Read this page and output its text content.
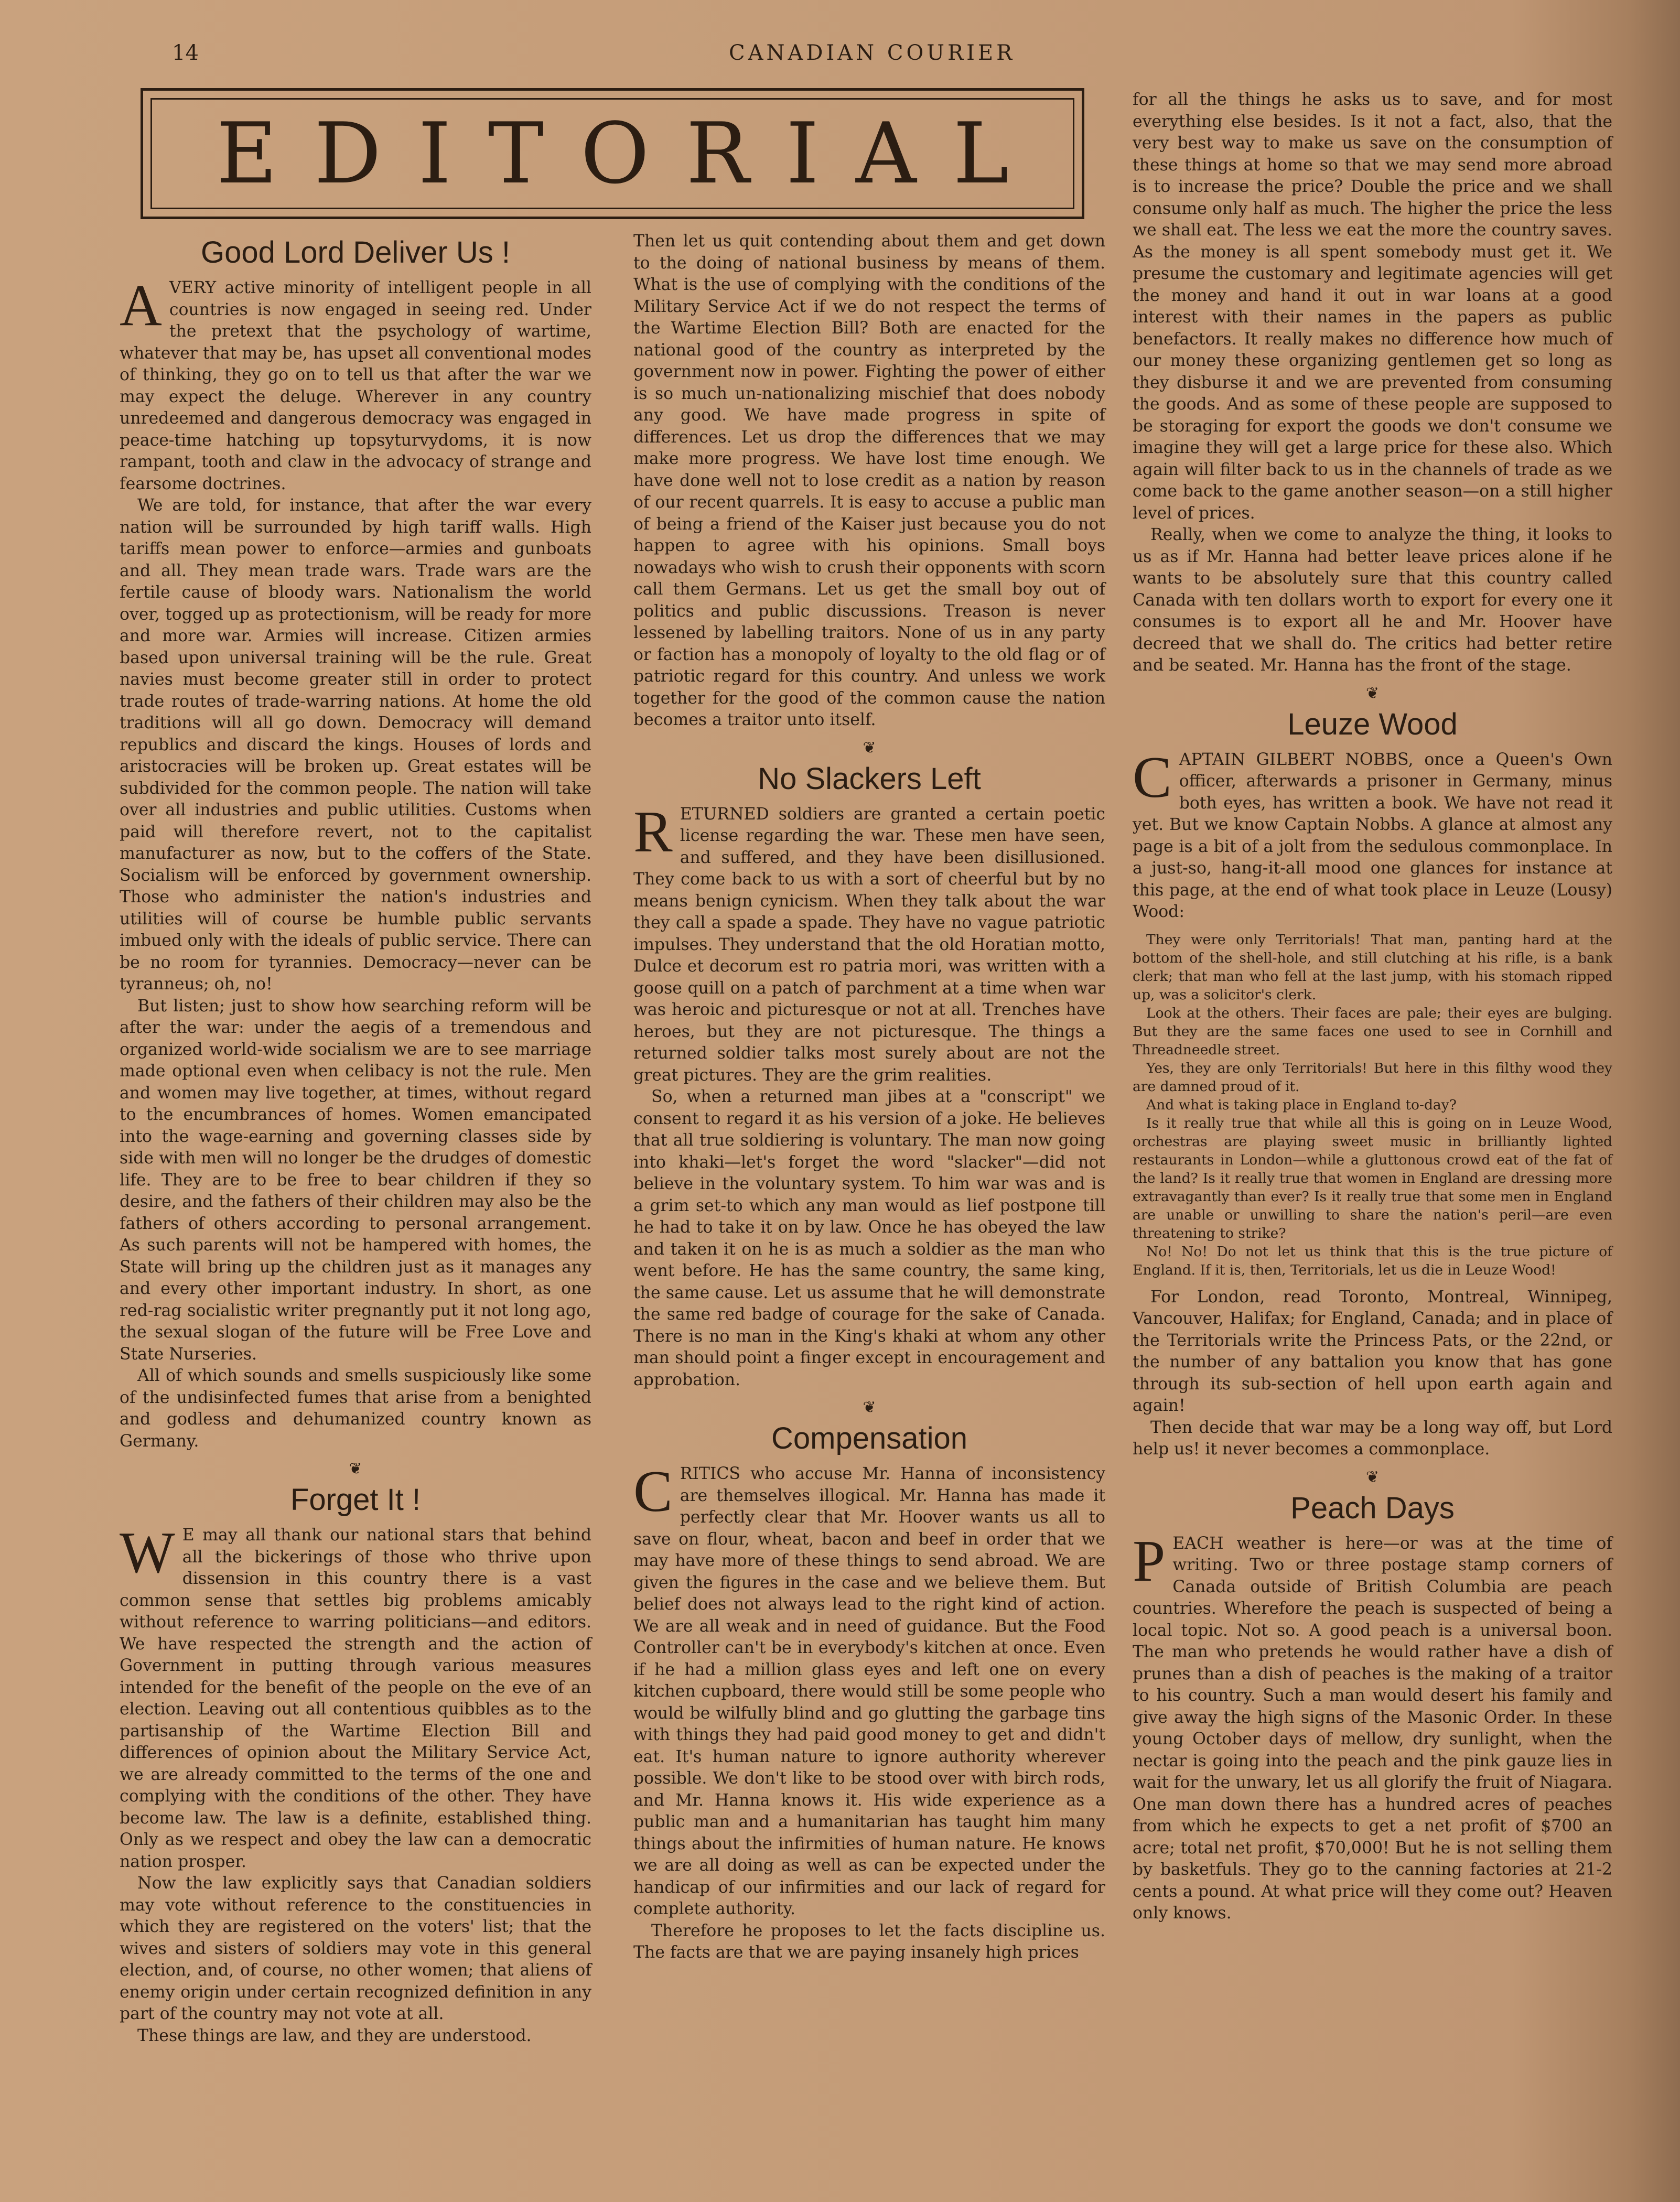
14	CANADIAN COURIER
EDITORIAL
Good Lord Deliver Us !

AVERY active minority of intelligent people in all countries is now engaged in seeing red. Under the pretext that the psychology of wartime, whatever that may be, has upset all conventional modes of thinking, they go on to tell us that after the war we may expect the deluge. Wherever in any country unredeemed and dangerous democracy was engaged in peace-time hatching up topsyturvydoms, it is now rampant, tooth and claw in the advocacy of strange and fearsome doctrines.

We are told, for instance, that after the war every nation will be surrounded by high tariff walls. High tariffs mean power to enforce—armies and gunboats and all. They mean trade wars. Trade wars are the fertile cause of bloody wars. Nationalism the world over, togged up as protectionism, will be ready for more and more war. Armies will increase. Citizen armies based upon universal training will be the rule. Great navies must become greater still in order to protect trade routes of trade-warring nations. At home the old traditions will all go down. Democracy will demand republics and discard the kings. Houses of lords and aristocracies will be broken up. Great estates will be subdivided for the common people. The nation will take over all industries and public utilities. Customs when paid will therefore revert, not to the capitalist manufacturer as now, but to the coffers of the State. Socialism will be enforced by government ownership. Those who administer the nation's industries and utilities will of course be humble public servants imbued only with the ideals of public service. There can be no room for tyrannies. Democracy—never can be tyranneus; oh, no!

But listen; just to show how searching reform will be after the war: under the aegis of a tremendous and organized world-wide socialism we are to see marriage made optional even when celibacy is not the rule. Men and women may live together, at times, without regard to the encumbrances of homes. Women emancipated into the wage-earning and governing classes side by side with men will no longer be the drudges of domestic life. They are to be free to bear children if they so desire, and the fathers of their children may also be the fathers of others according to personal arrangement. As such parents will not be hampered with homes, the State will bring up the children just as it manages any and every other important industry. In short, as one red-rag socialistic writer pregnantly put it not long ago, the sexual slogan of the future will be Free Love and State Nurseries.

All of which sounds and smells suspiciously like some of the undisinfected fumes that arise from a benighted and godless and dehumanized country known as Germany.

❦
Forget It !

W E may all thank our national stars that behind all the bickerings of those who thrive upon dissension in this country there is a vast common sense that settles big problems amicably without reference to warring politicians—and editors. We have respected the strength and the action of Government in putting through various measures intended for the benefit of the people on the eve of an election. Leaving out all contentious quibbles as to the partisanship of the Wartime Election Bill and differences of opinion about the Military Service Act, we are already committed to the terms of the one and complying with the conditions of the other. They have become law. The law is a definite, established thing. Only as we respect and obey the law can a democratic nation prosper.

Now the law explicitly says that Canadian soldiers may vote without reference to the constituencies in which they are registered on the voters' list; that the wives and sisters of soldiers may vote in this general election, and, of course, no other women; that aliens of enemy origin under certain recognized definition in any part of the country may not vote at all.

These things are law, and they are understood.

Then let us quit contending about them and get down to the doing of national business by means of them. What is the use of complying with the conditions of the Military Service Act if we do not respect the terms of the Wartime Election Bill? Both are enacted for the national good of the country as interpreted by the government now in power. Fighting the power of either is so much un-nationalizing mischief that does nobody any good. We have made progress in spite of differences. Let us drop the differences that we may make more progress. We have lost time enough. We have done well not to lose credit as a nation by reason of our recent quarrels. It is easy to accuse a public man of being a friend of the Kaiser just because you do not happen to agree with his opinions. Small boys nowadays who wish to crush their opponents with scorn call them Germans. Let us get the small boy out of politics and public discussions. Treason is never lessened by labelling traitors. None of us in any party or faction has a monopoly of loyalty to the old flag or of patriotic regard for this country. And unless we work together for the good of the common cause the nation becomes a traitor unto itself.

❦
No Slackers Left

RETURNED soldiers are granted a certain poetic license regarding the war. These men have seen, and suffered, and they have been disillusioned. They come back to us with a sort of cheerful but by no means benign cynicism. When they talk about the war they call a spade a spade. They have no vague patriotic impulses. They understand that the old Horatian motto, Dulce et decorum est ro patria mori, was written with a goose quill on a patch of parchment at a time when war was heroic and picturesque or not at all. Trenches have heroes, but they are not picturesque. The things a returned soldier talks most surely about are not the great pictures. They are the grim realities.

So, when a returned man jibes at a "conscript" we consent to regard it as his version of a joke. He believes that all true soldiering is voluntary. The man now going into khaki—let's forget the word "slacker"—did not believe in the voluntary system. To him war was and is a grim set-to which any man would as lief postpone till he had to take it on by law. Once he has obeyed the law and taken it on he is as much a soldier as the man who went before. He has the same country, the same king, the same cause. Let us assume that he will demonstrate the same red badge of courage for the sake of Canada. There is no man in the King's khaki at whom any other man should point a finger except in encouragement and approbation.

❦
Compensation

CRITICS who accuse Mr. Hanna of inconsistency are themselves illogical. Mr. Hanna has made it perfectly clear that Mr. Hoover wants us all to save on flour, wheat, bacon and beef in order that we may have more of these things to send abroad. We are given the figures in the case and we believe them. But belief does not always lead to the right kind of action. We are all weak and in need of guidance. But the Food Controller can't be in everybody's kitchen at once. Even if he had a million glass eyes and left one on every kitchen cupboard, there would still be some people who would be wilfully blind and go glutting the garbage tins with things they had paid good money to get and didn't eat. It's human nature to ignore authority wherever possible. We don't like to be stood over with birch rods, and Mr. Hanna knows it. His wide experience as a public man and a humanitarian has taught him many things about the infirmities of human nature. He knows we are all doing as well as can be expected under the handicap of our infirmities and our lack of regard for complete authority.

Therefore he proposes to let the facts discipline us. The facts are that we are paying insanely high prices

for all the things he asks us to save, and for most everything else besides. Is it not a fact, also, that the very best way to make us save on the consumption of these things at home so that we may send more abroad is to increase the price? Double the price and we shall consume only half as much. The higher the price the less we shall eat. The less we eat the more the country saves. As the money is all spent somebody must get it. We presume the customary and legitimate agencies will get the money and hand it out in war loans at a good interest with their names in the papers as public benefactors. It really makes no difference how much of our money these organizing gentlemen get so long as they disburse it and we are prevented from consuming the goods. And as some of these people are supposed to be storaging for export the goods we don't consume we imagine they will get a large price for these also. Which again will filter back to us in the channels of trade as we come back to the game another season—on a still higher level of prices.

Really, when we come to analyze the thing, it looks to us as if Mr. Hanna had better leave prices alone if he wants to be absolutely sure that this country called Canada with ten dollars worth to export for every one it consumes is to export all he and Mr. Hoover have decreed that we shall do. The critics had better retire and be seated. Mr. Hanna has the front of the stage.

❦
Leuze Wood

CAPTAIN GILBERT NOBBS, once a Queen's Own officer, afterwards a prisoner in Germany, minus both eyes, has written a book. We have not read it yet. But we know Captain Nobbs. A glance at almost any page is a bit of a jolt from the sedulous commonplace. In a just-so, hang-it-all mood one glances for instance at this page, at the end of what took place in Leuze (Lousy) Wood:

They were only Territorials! That man, panting hard at the bottom of the shell-hole, and still clutching at his rifle, is a bank clerk; that man who fell at the last jump, with his stomach ripped up, was a solicitor's clerk.

Look at the others. Their faces are pale; their eyes are bulging. But they are the same faces one used to see in Cornhill and Threadneedle street.

Yes, they are only Territorials! But here in this filthy wood they are damned proud of it.

And what is taking place in England to-day?

Is it really true that while all this is going on in Leuze Wood, orchestras are playing sweet music in brilliantly lighted restaurants in London—while a gluttonous crowd eat of the fat of the land? Is it really true that women in England are dressing more extravagantly than ever? Is it really true that some men in England are unable or unwilling to share the nation's peril—are even threatening to strike?

No! No! Do not let us think that this is the true picture of England. If it is, then, Territorials, let us die in Leuze Wood!

For London, read Toronto, Montreal, Winnipeg, Vancouver, Halifax; for England, Canada; and in place of the Territorials write the Princess Pats, or the 22nd, or the number of any battalion you know that has gone through its sub-section of hell upon earth again and again!

Then decide that war may be a long way off, but Lord help us! it never becomes a commonplace.

❦
Peach Days

PEACH weather is here—or was at the time of writing. Two or three postage stamp corners of Canada outside of British Columbia are peach countries. Wherefore the peach is suspected of being a local topic. Not so. A good peach is a universal boon. The man who pretends he would rather have a dish of prunes than a dish of peaches is the making of a traitor to his country. Such a man would desert his family and give away the high signs of the Masonic Order. In these young October days of mellow, dry sunlight, when the nectar is going into the peach and the pink gauze lies in wait for the unwary, let us all glorify the fruit of Niagara. One man down there has a hundred acres of peaches from which he expects to get a net profit of $700 an acre; total net profit, $70,000! But he is not selling them by basketfuls. They go to the canning factories at 21-2 cents a pound. At what price will they come out? Heaven only knows.
